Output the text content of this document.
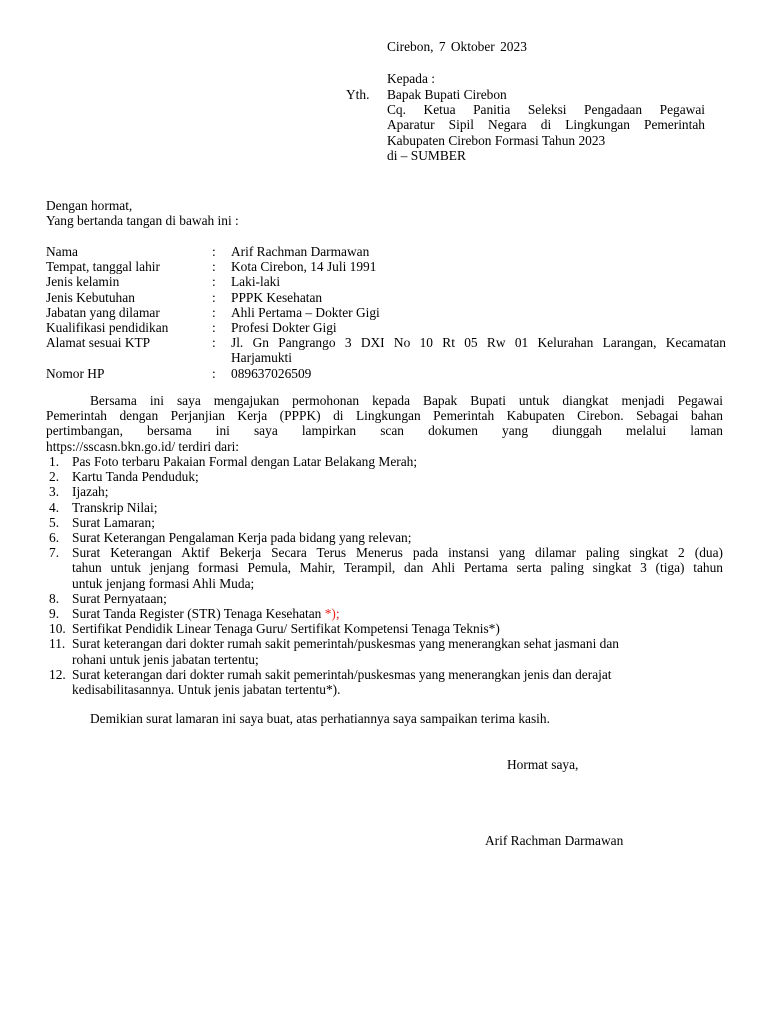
Cirebon, 7 Oktober 2023
Kepada :
Yth. Bapak Bupati Cirebon
Cq. Ketua Panitia Seleksi Pengadaan Pegawai
Aparatur Sipil Negara di Lingkungan Pemerintah
Kabupaten Cirebon Formasi Tahun 2023
di – SUMBER
Dengan hormat,
Yang bertanda tangan di bawah ini :
Nama	: Arif Rachman Darmawan
Tempat, tanggal lahir	: Kota Cirebon, 14 Juli 1991
Jenis kelamin	: Laki-laki
Jenis Kebutuhan	: PPPK Kesehatan
Jabatan yang dilamar	: Ahli Pertama – Dokter Gigi
Kualifikasi pendidikan	: Profesi Dokter Gigi
Alamat sesuai KTP	: Jl. Gn Pangrango 3 DXI No 10 Rt 05 Rw 01 Kelurahan Larangan, Kecamatan
Harjamukti
Nomor HP	: 089637026509
Bersama ini saya mengajukan permohonan kepada Bapak Bupati untuk diangkat menjadi Pegawai
Pemerintah dengan Perjanjian Kerja (PPPK) di Lingkungan Pemerintah Kabupaten Cirebon. Sebagai bahan
pertimbangan, bersama ini saya lampirkan scan dokumen yang diunggah melalui laman
https://sscasn.bkn.go.id/ terdiri dari:
1. Pas Foto terbaru Pakaian Formal dengan Latar Belakang Merah;
2. Kartu Tanda Penduduk;
3. Ijazah;
4. Transkrip Nilai;
5. Surat Lamaran;
6. Surat Keterangan Pengalaman Kerja pada bidang yang relevan;
7. Surat Keterangan Aktif Bekerja Secara Terus Menerus pada instansi yang dilamar paling singkat 2 (dua)
tahun untuk jenjang formasi Pemula, Mahir, Terampil, dan Ahli Pertama serta paling singkat 3 (tiga) tahun
untuk jenjang formasi Ahli Muda;
8. Surat Pernyataan;
9. Surat Tanda Register (STR) Tenaga Kesehatan *);
10. Sertifikat Pendidik Linear Tenaga Guru/ Sertifikat Kompetensi Tenaga Teknis*)
11. Surat keterangan dari dokter rumah sakit pemerintah/puskesmas yang menerangkan sehat jasmani dan
rohani untuk jenis jabatan tertentu;
12. Surat keterangan dari dokter rumah sakit pemerintah/puskesmas yang menerangkan jenis dan derajat
kedisabilitasannya. Untuk jenis jabatan tertentu*).
Demikian surat lamaran ini saya buat, atas perhatiannya saya sampaikan terima kasih.
Hormat saya,
Arif Rachman Darmawan
